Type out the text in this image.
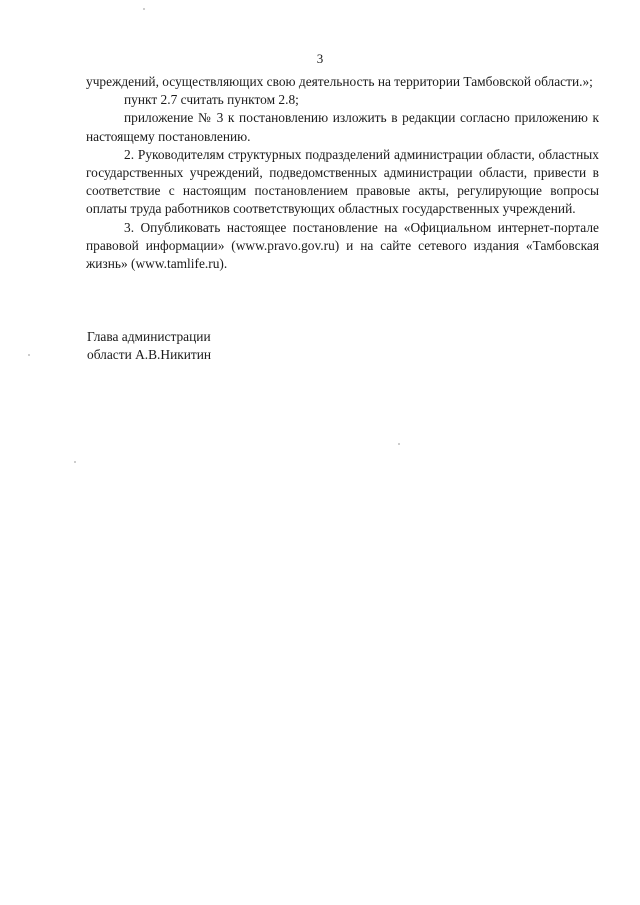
3

учреждений, осуществляющих свою деятельность на территории Тамбовской области.»;

пункт 2.7 считать пунктом 2.8;

приложение № 3 к постановлению изложить в редакции согласно приложению к настоящему постановлению.

2. Руководителям структурных подразделений администрации области, областных государственных учреждений, подведомственных администрации области, привести в соответствие с настоящим постановлением правовые акты, регулирующие вопросы оплаты труда работников соответствующих областных государственных учреждений.

3. Опубликовать настоящее постановление на «Официальном интернет-портале правовой информации» (www.pravo.gov.ru) и на сайте сетевого издания «Тамбовская жизнь» (www.tamlife.ru).

Глава администрации
области А.В.Никитин
